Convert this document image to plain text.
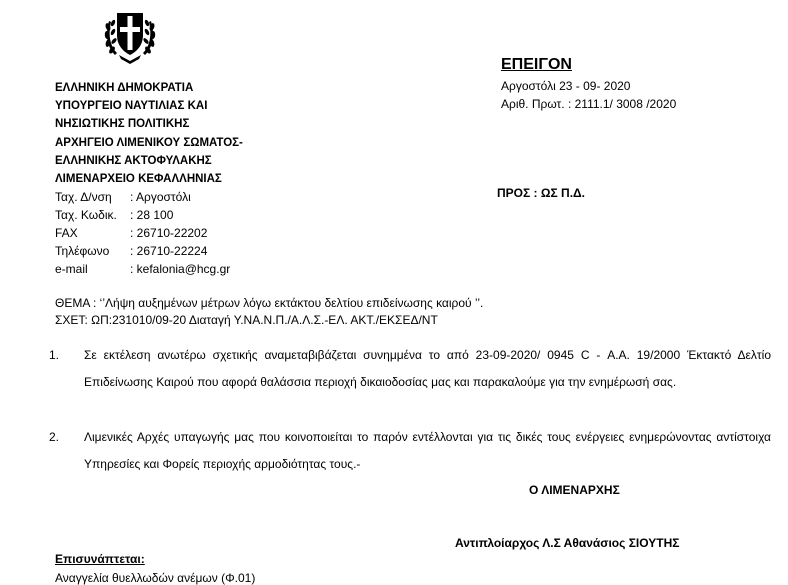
ΕΛΛΗΝΙΚΗ ΔΗΜΟΚΡΑΤΙΑ
ΥΠΟΥΡΓΕΙΟ ΝΑΥΤΙΛΙΑΣ ΚΑΙ
ΝΗΣΙΩΤΙΚΗΣ ΠΟΛΙΤΙΚΗΣ
ΑΡΧΗΓΕΙΟ ΛΙΜΕΝΙΚΟΥ ΣΩΜΑΤΟΣ-
ΕΛΛΗΝΙΚΗΣ ΑΚΤΟΦΥΛΑΚΗΣ
ΛΙΜΕΝΑΡΧΕΙΟ ΚΕΦΑΛΛΗΝΙΑΣ
Ταχ. Δ/νση : Αργοστόλι
Ταχ. Κωδικ. : 28 100
FAX	: 26710-22202
Τηλέφωνο : 26710-22224
e-mail	: kefalonia@hcg.gr
ΕΠΕΙΓΟΝ
Αργοστόλι 23 - 09- 2020
Αριθ. Πρωτ. : 2111.1/ 3008 /2020
ΠΡΟΣ : ΩΣ Π.Δ.
ΘΕΜΑ : ‘’Λήψη αυξημένων μέτρων λόγω εκτάκτου δελτίου επιδείνωσης καιρού ’’.
ΣΧΕΤ: ΩΠ:231010/09-20 Διαταγή Υ.ΝΑ.Ν.Π./Α.Λ.Σ.-ΕΛ. ΑΚΤ./ΕΚΣΕΔ/ΝΤ
1. Σε εκτέλεση ανωτέρω σχετικής αναμεταβιβάζεται συνημμένα το από 23-09-2020/ 0945 C - Α.Α. 19/2000 Έκτακτό Δελτίο Επιδείνωσης Καιρού που αφορά θαλάσσια περιοχή δικαιοδοσίας μας και παρακαλούμε για την ενημέρωσή σας.
2. Λιμενικές Αρχές υπαγωγής μας που κοινοποιείται το παρόν εντέλλονται για τις δικές τους ενέργειες ενημερώνοντας αντίστοιχα Υπηρεσίες και Φορείς περιοχής αρμοδιότητας τους.-
Ο ΛΙΜΕΝΑΡΧΗΣ
Αντιπλοίαρχος Λ.Σ Αθανάσιος ΣΙΟΥΤΗΣ
Επισυνάπτεται:
Αναγγελία θυελλωδών ανέμων (Φ.01)
